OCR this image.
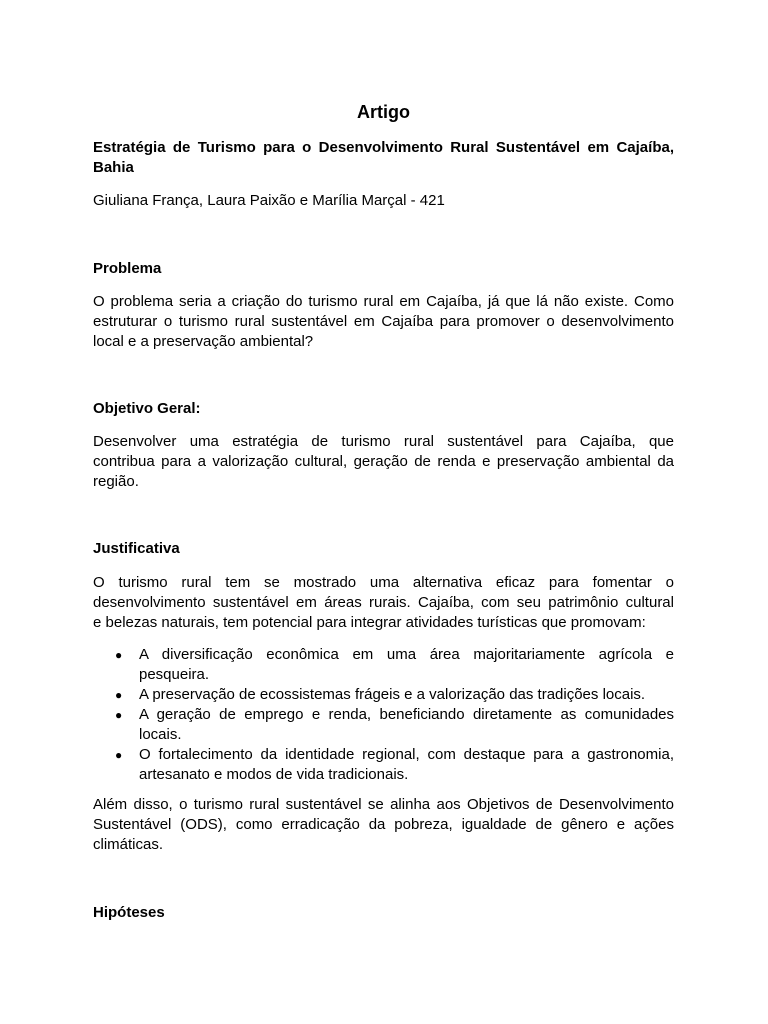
Artigo
Estratégia de Turismo para o Desenvolvimento Rural Sustentável em Cajaíba,
Bahia
Giuliana França, Laura Paixão e Marília Marçal - 421
Problema
O problema seria a criação do turismo rural em Cajaíba, já que lá não existe. Como
estruturar o turismo rural sustentável em Cajaíba para promover o desenvolvimento
local e a preservação ambiental?
Objetivo Geral:
Desenvolver uma estratégia de turismo rural sustentável para Cajaíba, que
contribua para a valorização cultural, geração de renda e preservação ambiental da
região.
Justificativa
O turismo rural tem se mostrado uma alternativa eficaz para fomentar o
desenvolvimento sustentável em áreas rurais. Cajaíba, com seu patrimônio cultural
e belezas naturais, tem potencial para integrar atividades turísticas que promovam:
● A diversificação econômica em uma área majoritariamente agrícola e
pesqueira.
● A preservação de ecossistemas frágeis e a valorização das tradições locais.
● A geração de emprego e renda, beneficiando diretamente as comunidades
locais.
● O fortalecimento da identidade regional, com destaque para a gastronomia,
artesanato e modos de vida tradicionais.
Além disso, o turismo rural sustentável se alinha aos Objetivos de Desenvolvimento
Sustentável (ODS), como erradicação da pobreza, igualdade de gênero e ações
climáticas.
Hipóteses
